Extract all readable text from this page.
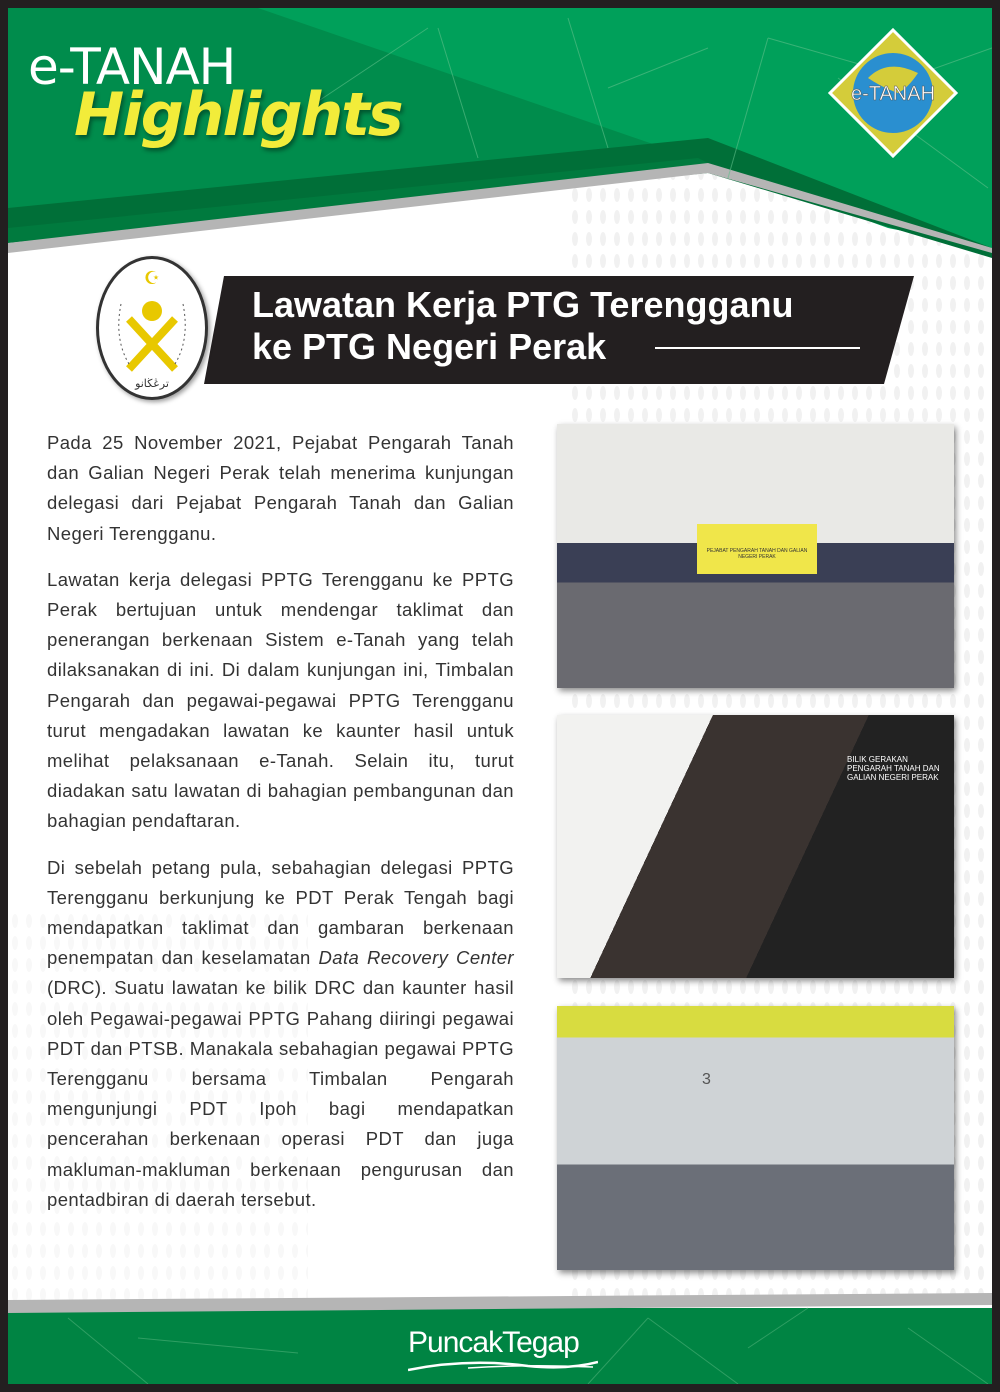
e-TANAH
Highlights	e-TANAH
☪
ترڠڬانو
Lawatan Kerja PTG Terengganu
ke PTG Negeri Perak

Pada 25 November 2021, Pejabat Pengarah Tanah dan Galian Negeri Perak telah menerima kunjungan delegasi dari Pejabat Pengarah Tanah dan Galian Negeri Terengganu.

Lawatan kerja delegasi PPTG Terengganu ke PPTG Perak bertujuan untuk mendengar taklimat dan penerangan berkenaan Sistem e-Tanah yang telah dilaksanakan di ini. Di dalam kunjungan ini, Timbalan Pengarah dan pegawai-pegawai PPTG Terengganu turut mengadakan lawatan ke kaunter hasil untuk melihat pelaksanaan e-Tanah. Selain itu, turut diadakan satu lawatan di bahagian pembangunan dan bahagian pendaftaran.

Di sebelah petang pula, sebahagian delegasi PPTG Terengganu berkunjung ke PDT Perak Tengah bagi mendapatkan taklimat dan gambaran berkenaan penempatan dan keselamatan Data Recovery Center (DRC). Suatu lawatan ke bilik DRC dan kaunter hasil oleh Pegawai-pegawai PPTG Pahang diiringi pegawai PDT dan PTSB. Manakala sebahagian pegawai PPTG Terengganu bersama Timbalan Pengarah mengunjungi PDT Ipoh bagi mendapatkan pencerahan berkenaan operasi PDT dan juga makluman-makluman berkenaan pengurusan dan pentadbiran di daerah tersebut.

PEJABAT PENGARAH TANAH DAN GALIAN NEGERI PERAK
BILIK GERAKAN PENGARAH TANAH DAN GALIAN NEGERI PERAK
3
PuncakTegap
